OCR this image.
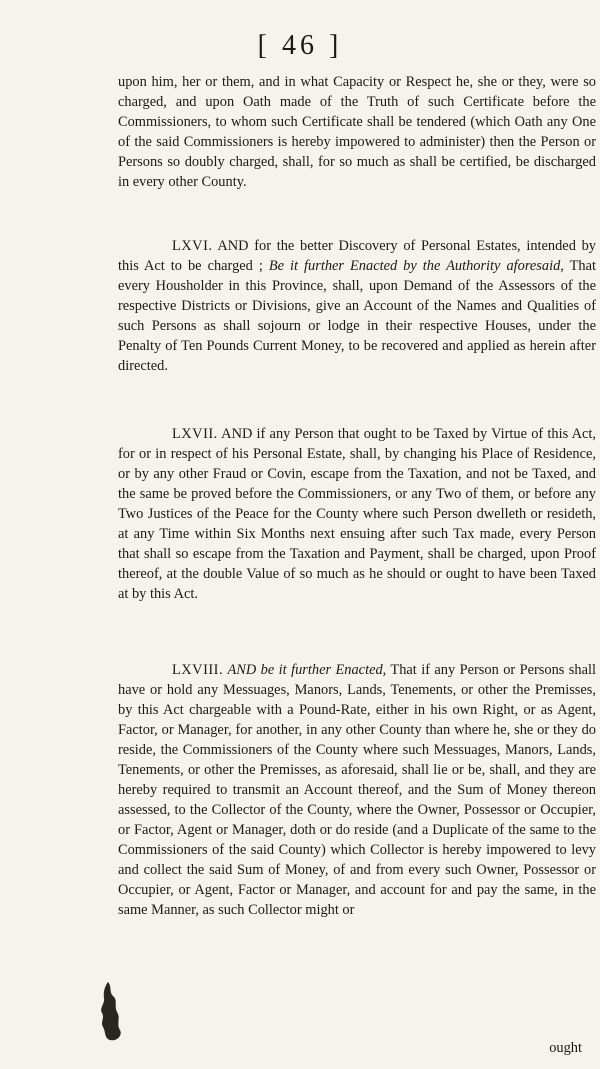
[ 46 ]

upon him, her or them, and in what Capacity or Respect he, she or they, were so charged, and upon Oath made of the Truth of such Certificate before the Commissioners, to whom such Certificate shall be tendered (which Oath any One of the said Commissioners is hereby impowered to administer) then the Person or Persons so doubly charged, shall, for so much as shall be certified, be discharged in every other County.

LXVI. AND for the better Discovery of Personal Estates, intended by this Act to be charged ; Be it further Enacted by the Authority aforesaid, That every Housholder in this Province, shall, upon Demand of the Assessors of the respective Districts or Divisions, give an Account of the Names and Qualities of such Persons as shall sojourn or lodge in their respective Houses, under the Penalty of Ten Pounds Current Money, to be recovered and applied as herein after directed.

LXVII. AND if any Person that ought to be Taxed by Virtue of this Act, for or in respect of his Personal Estate, shall, by changing his Place of Residence, or by any other Fraud or Covin, escape from the Taxation, and not be Taxed, and the same be proved before the Commissioners, or any Two of them, or before any Two Justices of the Peace for the County where such Person dwelleth or resideth, at any Time within Six Months next ensuing after such Tax made, every Person that shall so escape from the Taxation and Payment, shall be charged, upon Proof thereof, at the double Value of so much as he should or ought to have been Taxed at by this Act.

LXVIII. AND be it further Enacted, That if any Person or Persons shall have or hold any Messuages, Manors, Lands, Tenements, or other the Premisses, by this Act chargeable with a Pound-Rate, either in his own Right, or as Agent, Factor, or Manager, for another, in any other County than where he, she or they do reside, the Commissioners of the County where such Messuages, Manors, Lands, Tenements, or other the Premisses, as aforesaid, shall lie or be, shall, and they are hereby required to transmit an Account thereof, and the Sum of Money thereon assessed, to the Collector of the County, where the Owner, Possessor or Occupier, or Factor, Agent or Manager, doth or do reside (and a Duplicate of the same to the Commissioners of the said County) which Collector is hereby impowered to levy and collect the said Sum of Money, of and from every such Owner, Possessor or Occupier, or Agent, Factor or Manager, and account for and pay the same, in the same Manner, as such Collector might or

ought
